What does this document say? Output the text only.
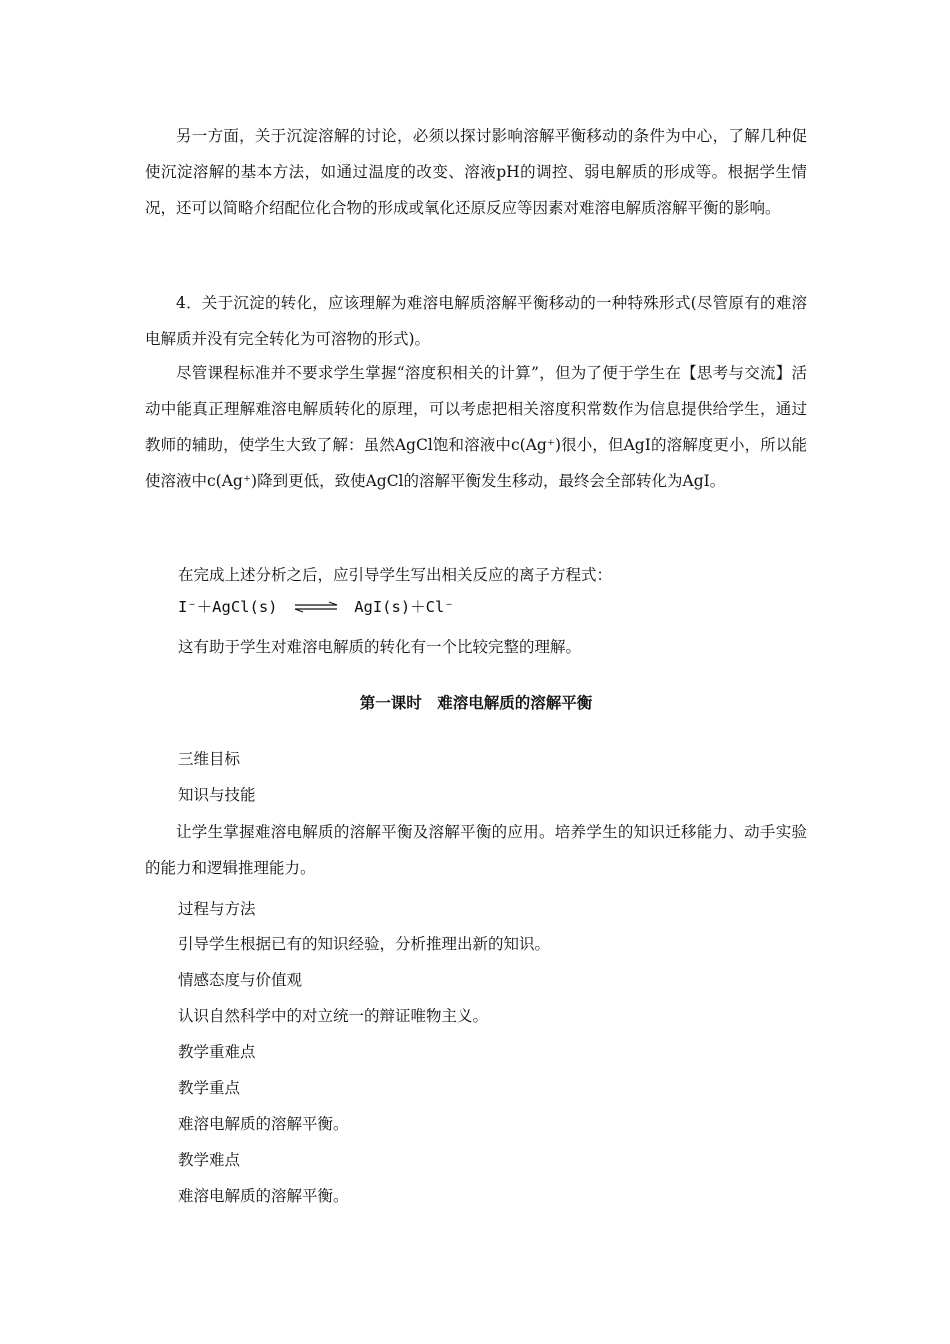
另一方面，关于沉淀溶解的讨论，必须以探讨影响溶解平衡移动的条件为中心，了解几种促使沉淀溶解的基本方法，如通过温度的改变、溶液pH的调控、弱电解质的形成等。根据学生情况，还可以简略介绍配位化合物的形成或氧化还原反应等因素对难溶电解质溶解平衡的影响。

4．关于沉淀的转化，应该理解为难溶电解质溶解平衡移动的一种特殊形式(尽管原有的难溶电解质并没有完全转化为可溶物的形式)。

尽管课程标准并不要求学生掌握“溶度积相关的计算”，但为了便于学生在【思考与交流】活动中能真正理解难溶电解质转化的原理，可以考虑把相关溶度积常数作为信息提供给学生，通过教师的辅助，使学生大致了解：虽然AgCl饱和溶液中c(Ag⁺)很小，但AgI的溶解度更小，所以能使溶液中c(Ag⁺)降到更低，致使AgCl的溶解平衡发生移动，最终会全部转化为AgI。

在完成上述分析之后，应引导学生写出相关反应的离子方程式：

I⁻＋AgCl(s) ⇌ AgI(s)＋Cl⁻

这有助于学生对难溶电解质的转化有一个比较完整的理解。

第一课时　难溶电解质的溶解平衡

三维目标

知识与技能

让学生掌握难溶电解质的溶解平衡及溶解平衡的应用。培养学生的知识迁移能力、动手实验的能力和逻辑推理能力。

过程与方法

引导学生根据已有的知识经验，分析推理出新的知识。

情感态度与价值观

认识自然科学中的对立统一的辩证唯物主义。

教学重难点

教学重点

难溶电解质的溶解平衡。

教学难点

难溶电解质的溶解平衡。
